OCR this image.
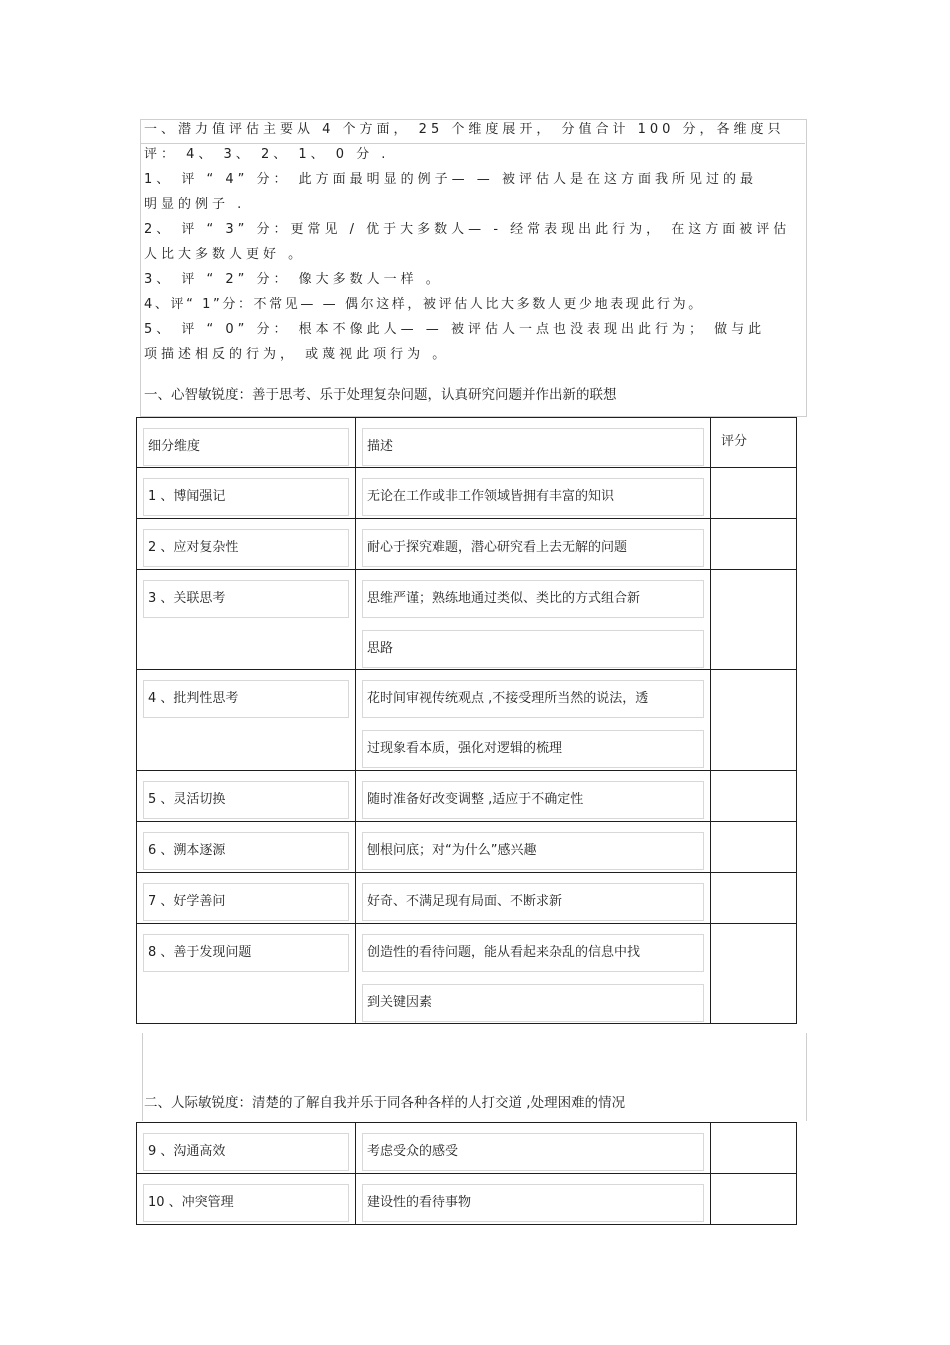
一、潜力值评估主要从 4 个方面， 25 个维度展开， 分值合计 100 分，各维度只
评： 4、 3、 2、 1、 0 分 .
1、 评 “ 4” 分： 此方面最明显的例子— — 被评估人是在这方面我所见过的最
明显的例子 .
2、 评 “ 3” 分：更常见 / 优于大多数人— - 经常表现出此行为， 在这方面被评估
人比大多数人更好 。
3、 评 “ 2” 分： 像大多数人一样 。
4、评“ 1”分：不常见— — 偶尔这样，被评估人比大多数人更少地表现此行为。
5、 评 “ 0” 分： 根本不像此人— — 被评估人一点也没表现出此行为； 做与此
项描述相反的行为， 或蔑视此项行为 。
一、心智敏锐度：善于思考、乐于处理复杂问题，认真研究问题并作出新的联想
细分维度	描述	评分

1 、博闻强记	无论在工作或非工作领域皆拥有丰富的知识	

2 、应对复杂性	耐心于探究难题，潜心研究看上去无解的问题	

3 、关联思考	思维严谨；熟练地通过类似、类比的方式组合新
思路	

4 、批判性思考	花时间审视传统观点 ,不接受理所当然的说法，透
过现象看本质，强化对逻辑的梳理	

5 、灵活切换	随时准备好改变调整 ,适应于不确定性	

6 、溯本逐源	刨根问底；对“为什么”感兴趣	

7 、好学善问	好奇、不满足现有局面、不断求新	

8 、善于发现问题	创造性的看待问题，能从看起来杂乱的信息中找
到关键因素	

二、人际敏锐度：清楚的了解自我并乐于同各种各样的人打交道 ,处理困难的情况
9 、沟通高效	考虑受众的感受	

10 、冲突管理	建设性的看待事物	
